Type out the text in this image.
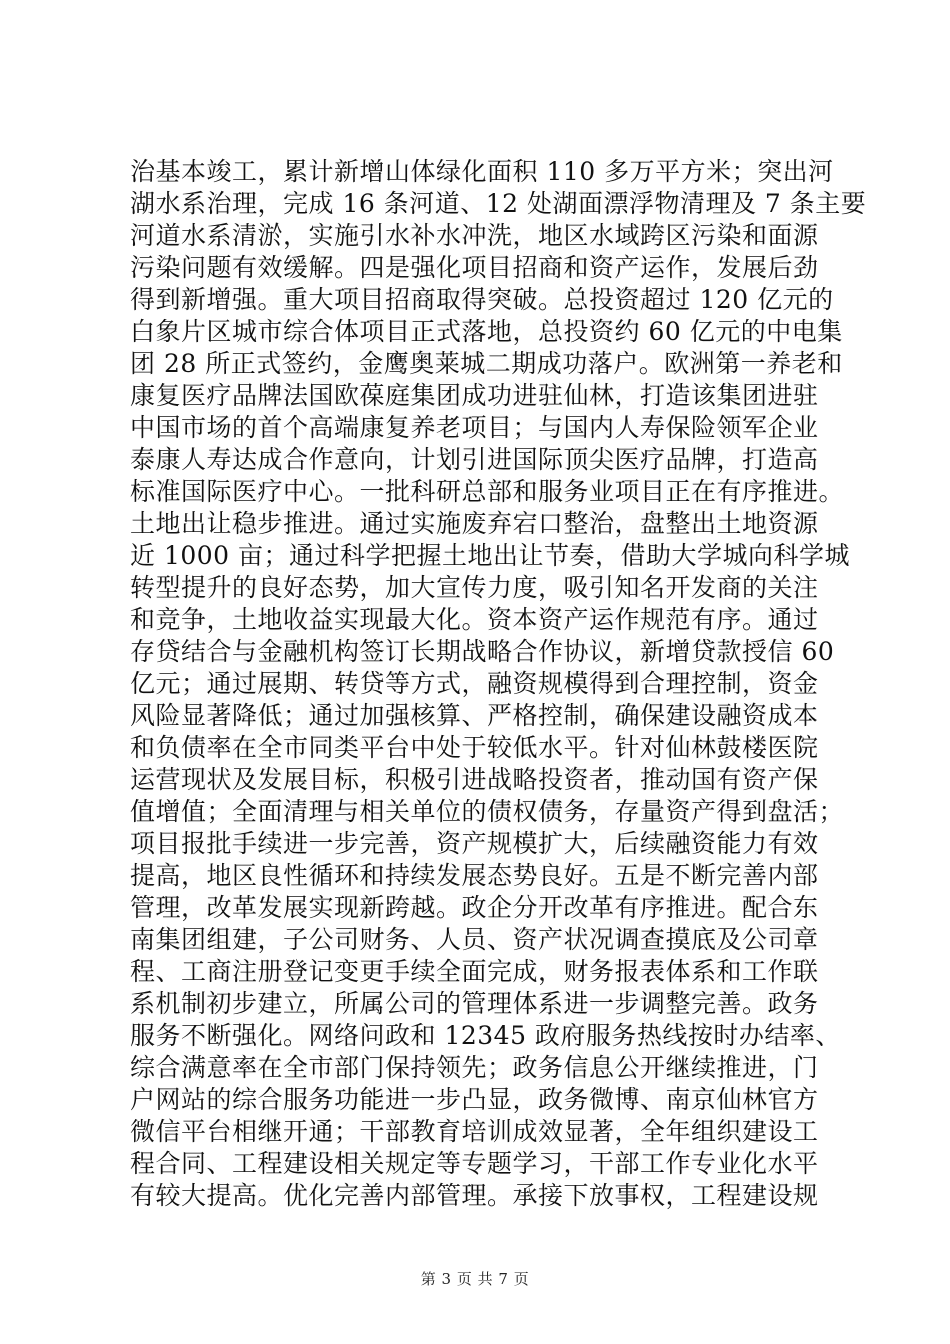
治基本竣工，累计新增山体绿化面积 110 多万平方米；突出河
湖水系治理，完成 16 条河道、12 处湖面漂浮物清理及 7 条主要
河道水系清淤，实施引水补水冲洗，地区水域跨区污染和面源
污染问题有效缓解。四是强化项目招商和资产运作，发展后劲
得到新增强。重大项目招商取得突破。总投资超过 120 亿元的
白象片区城市综合体项目正式落地，总投资约 60 亿元的中电集
团 28 所正式签约，金鹰奥莱城二期成功落户。欧洲第一养老和
康复医疗品牌法国欧葆庭集团成功进驻仙林，打造该集团进驻
中国市场的首个高端康复养老项目；与国内人寿保险领军企业
泰康人寿达成合作意向，计划引进国际顶尖医疗品牌，打造高
标准国际医疗中心。一批科研总部和服务业项目正在有序推进。
土地出让稳步推进。通过实施废弃宕口整治，盘整出土地资源
近 1000 亩；通过科学把握土地出让节奏，借助大学城向科学城
转型提升的良好态势，加大宣传力度，吸引知名开发商的关注
和竞争，土地收益实现最大化。资本资产运作规范有序。通过
存贷结合与金融机构签订长期战略合作协议，新增贷款授信 60
亿元；通过展期、转贷等方式，融资规模得到合理控制，资金
风险显著降低；通过加强核算、严格控制，确保建设融资成本
和负债率在全市同类平台中处于较低水平。针对仙林鼓楼医院
运营现状及发展目标，积极引进战略投资者，推动国有资产保
值增值；全面清理与相关单位的债权债务，存量资产得到盘活；
项目报批手续进一步完善，资产规模扩大，后续融资能力有效
提高，地区良性循环和持续发展态势良好。五是不断完善内部
管理，改革发展实现新跨越。政企分开改革有序推进。配合东
南集团组建，子公司财务、人员、资产状况调查摸底及公司章
程、工商注册登记变更手续全面完成，财务报表体系和工作联
系机制初步建立，所属公司的管理体系进一步调整完善。政务
服务不断强化。网络问政和 12345 政府服务热线按时办结率、
综合满意率在全市部门保持领先；政务信息公开继续推进，门
户网站的综合服务功能进一步凸显，政务微博、南京仙林官方
微信平台相继开通；干部教育培训成效显著，全年组织建设工
程合同、工程建设相关规定等专题学习，干部工作专业化水平
有较大提高。优化完善内部管理。承接下放事权，工程建设规
第 3 页 共 7 页
